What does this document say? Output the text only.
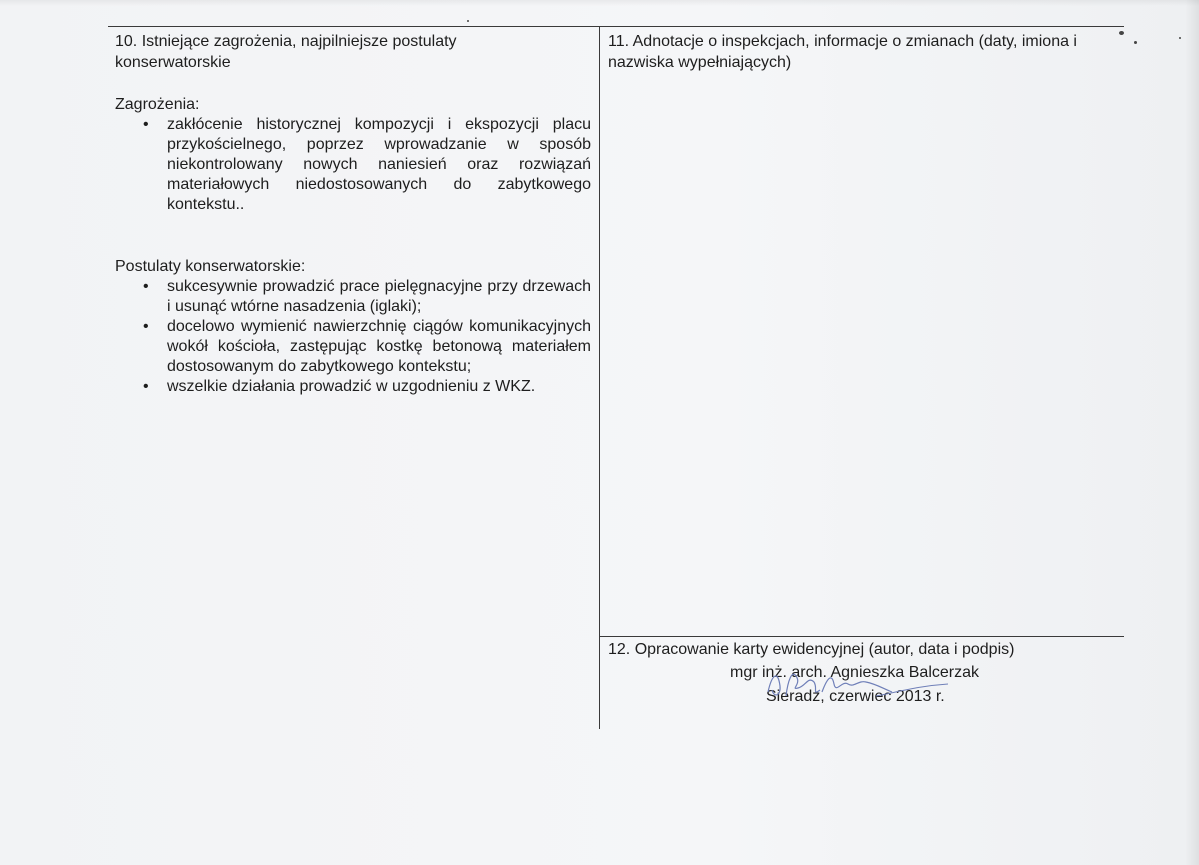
10. Istniejące zagrożenia, najpilniejsze postulaty
konserwatorskie

Zagrożenia:

• zakłócenie historycznej kompozycji i ekspozycji placu przykościelnego, poprzez wprowadzanie w sposób niekontrolowany nowych naniesień oraz rozwiązań materiałowych niedostosowanych do zabytkowego kontekstu..

Postulaty konserwatorskie:

• sukcesywnie prowadzić prace pielęgnacyjne przy drzewach i usunąć wtórne nasadzenia (iglaki);
• docelowo wymienić nawierzchnię ciągów komunikacyjnych wokół kościoła, zastępując kostkę betonową materiałem dostosowanym do zabytkowego kontekstu;
• wszelkie działania prowadzić w uzgodnieniu z WKZ.
11. Adnotacje o inspekcjach, informacje o zmianach (daty, imiona i
nazwiska wypełniających)
12. Opracowanie karty ewidencyjnej (autor, data i podpis)
mgr inż. arch. Agnieszka Balcerzak
Sieradz, czerwiec 2013 r.
